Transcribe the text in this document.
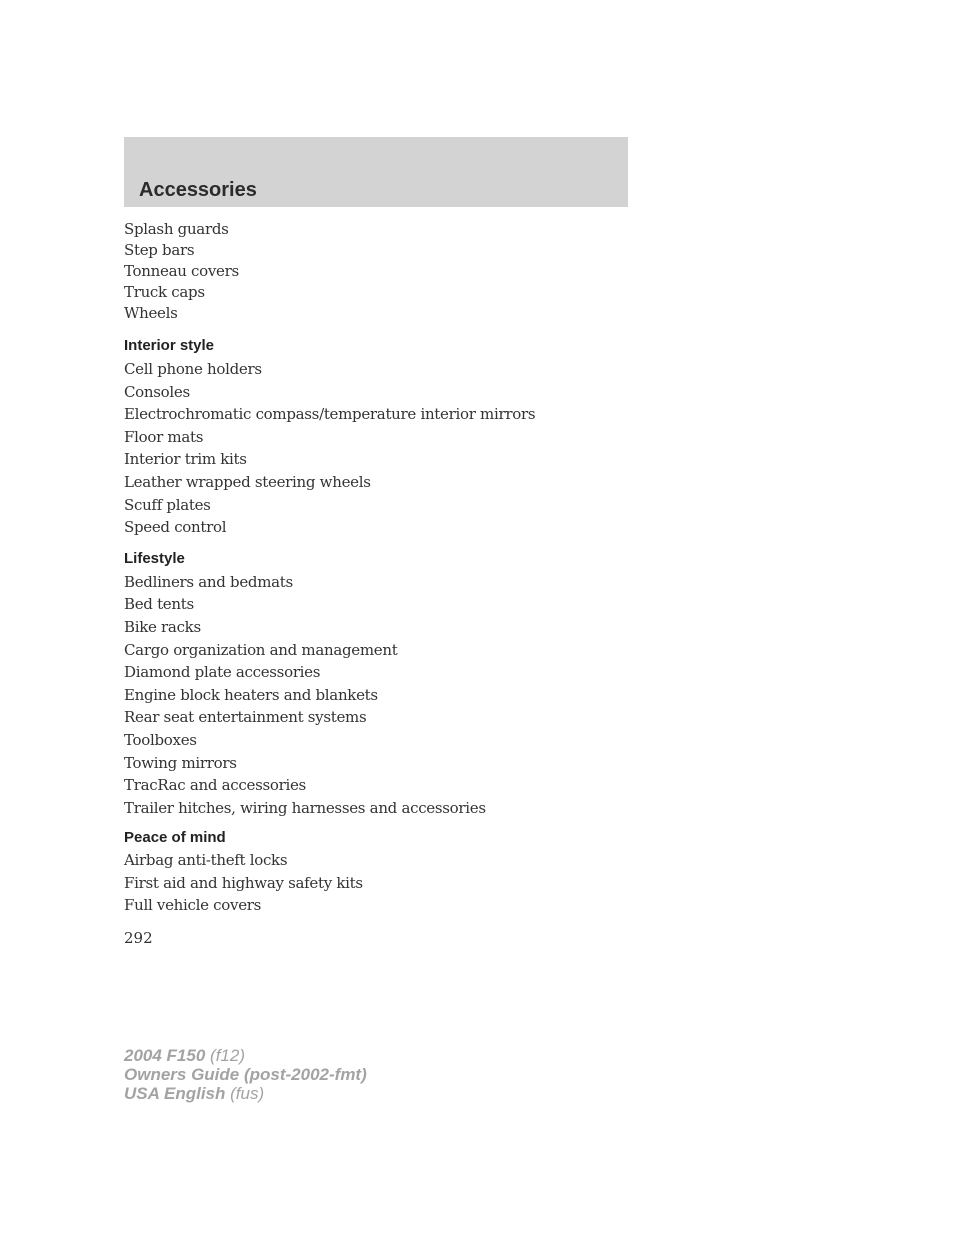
Accessories
Splash guards
Step bars
Tonneau covers
Truck caps
Wheels
Interior style
Cell phone holders
Consoles
Electrochromatic compass/temperature interior mirrors
Floor mats
Interior trim kits
Leather wrapped steering wheels
Scuff plates
Speed control
Lifestyle
Bedliners and bedmats
Bed tents
Bike racks
Cargo organization and management
Diamond plate accessories
Engine block heaters and blankets
Rear seat entertainment systems
Toolboxes
Towing mirrors
TracRac and accessories
Trailer hitches, wiring harnesses and accessories
Peace of mind
Airbag anti-theft locks
First aid and highway safety kits
Full vehicle covers
292
2004 F150 (f12)
Owners Guide (post-2002-fmt)
USA English (fus)
